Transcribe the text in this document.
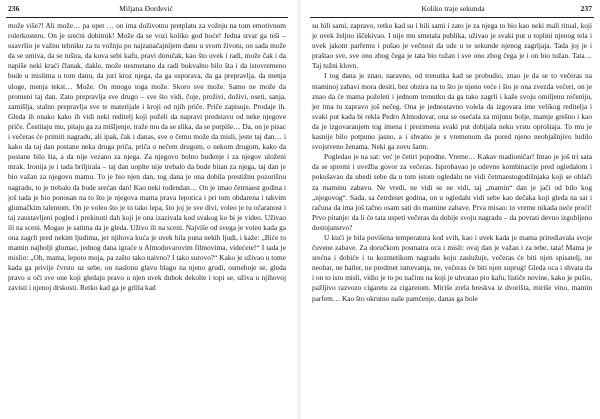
236	Miljana Đorđević

može više?! Ali može… pa opet … on ima doživotnu pretplatu za vožnju na tom emotivnom rolerkosteru. On je srećni dobitnik! Može da se vozi koliko god hoće! Jedna stvar ga teši – usavršio je važnu tehniku za tu vožnju po najzanačajnijem danu u svom životu, on sada može da se umiva, da se tušira, da kuva sebi kafu, pravi doručak, kao što uvek i radi, može čak i da napiše neki kraći članak, dakle, može nesmetano da radi bukvalno bilo šta i da istovremeno bude u mislima u tom danu, da juri kroz njega, da ga usporava, da ga prepravlja, da menja uloge, menja tekst… Može. On mnogo toga može. Skoro sve može. Samo ne može da promeni taj dan. Zato prepravlja sve drugo – sve što vidi, čuje, proživi, doživi, oseti, sanja, zamišlja, stalno prepravlja sve te materijale i kroji od njih priče. Priče zapisuje. Prodaje ih. Gleda ih onako kako ih vidi neki reditelj koji poželi da napravi predstavu od neke njegove priče. Čestitaju mu, pitaju ga za mišljenje, traže mu da se slika, da se potpiše… Da, on je pisac i večeras će primiti nagradu, ali ipak, čak i danas, sve o čemu može da misli, jeste taj dan… i kako da taj dan postane neka druga priča, priča o nečem drugom, o nekom drugom, kako da postane bilo šta, a da nije vezano za njega. Za njegovo bolno buđenje i za njegov uloženi mrak. Ironija je i tada briljirala – taj dan uoplte nije trebalo da bude bitan za njega, taj dan je bio važan za njegovu mamu. To je bio njen dan, tog dana je ona dobila prestižnu pozorišnu nagradu, to je trebalo da bude srećan dan! Kao neki rođendan… On je imao četrnaest godina i još tada je bio ponosan na to što je njegova mama prava lepotica i pri tom obdarena i takvim glumačkim talentom. On je voleo što je to tako lepa, što joj je sve divi, voleo je tu očaranost i taj zaustavljeni pogled i prekinuti dah koji je ona izazivala kod svakog ko bi je video. Uživao ili na sceni. Mogao je satima da je gleda. Uživo ili na sceni. Najviše od svega je voleo kada ga ona zagrli pred nekim ljudima, jer njihova kuća je uvek bila puna nekih ljudi, i kaže: „Biće to mamin najbolji glumac, jednog dana igraće u Almodovarovim filmovima, videćete!“ I tada je mislio: „Oh, mama, lepoto moja, pa zašto tako naivno? I tako surovo?“ Kako je uživao u tome kada ga privije čvrsto uz sebe, on naslonu glavu blago na njeno grudi, osmehuje se, gleda pravo u oči sve one koji gledaju pravo u njen uvek dubok dekolte i topi se, uživa u njihovoj zavisti i njenoj drskosti. Retko kad ga je grlila kad

Koliko traje sekunda	237

su bili sami, zapravo, retko kad su i bili sami i zato je za njega to bio kao neki mali ritual, koji je uvek željno iščekivao. I nije mu smetala publika, uživao je svaki put u toplini njenog tela i uvek jakom parfemu i pušao je večnost da ude u te sekunde njenog zagrljaja. Tada joj je i praštao sve, sve ono zbog čega je tata bio tužan i sve ono zbog čega je i on bio tužan. Tata… Taj tužni klovn.

I tog dana je znao, naravno, od trenutka kad se probudio, znao je da se to večeras na maminoj zabavi mora desiti, bez obzira na to što je njeno veće i što je ona zvezda večeri, on je znao da će mama poželeti i jednom trenutku da ga tako zagrli i kaže svoju omiljenu rečeniju, jer ima tu zapravo još nečeg. Ona je jednostavno volela da izgovara ime velikog reditelja i svaki put kada bi rekla Pedro Almodovar, ona se osećala za mijunu bolje, mamje grešno i kao da je izgovaranjem tog imena i prezimena svaki put dobijala neku vrstu oproštaja. To mu je kasnije bilo potpuno jasno, a i shvatio je s vremenom da pored njeno neobjašnjivo ludilo svojstveno ženama. Neki ga zovu šarm.

Pogledao je na sat: već je četiri popodne. Vreme… Kakav madioničar! Imao je još tri sata da se spremi i uvežba govor za večeras. Isprobavao je odevne kombinacije pred ogledalom i pokušavao da ubedi sebe da u tom istom ogledalu ne vidi četrnaestogodišnjaka koji se oblači za maminu zabavu. Ne vredi, ne vidi se ne vidi, taj „mamin“ dan je jači od bilo kog „njegovog“. Sada, sa četrdeset godina, on u ogledalu vidi sebe kao dečaka koji gleda na sat i računa da ima još tačno osam sati do mamine zabave. Prva misao: to vreme nikada neće proći! Prvo pitanje: da li će tata uspeti večeras da dobije svoju nagradu – da povrati devno izgubljeno dostojanstvo?

U kući je bila povišena temperatura kod svih, kao i uvek kada je mama prirediavala svoje čuvene zabave. Za doručkom posmatra oca i misli: ovaj dan je važan i za tebe, tata! Mama je srećna i dobiće i tu kozmetikom nagradu koju zaslužuje, večeras će biti njen spisatelj, ne neobar, ne batler, ne predmet ismevanja, ne, večeras će biti njen suprug! Gleda oca i shvata da i on to isto misli, vidio je to po načinu na koji je uhvatao pio kafu, lističe novine, kako je pušio, pažljivo razvozo cigaretu za cigaretom. Miriše zrela breskva iz dvorišta, miriše vino, mamin parfem… Kao što okrutno naše pamćenje, danas ga bole
